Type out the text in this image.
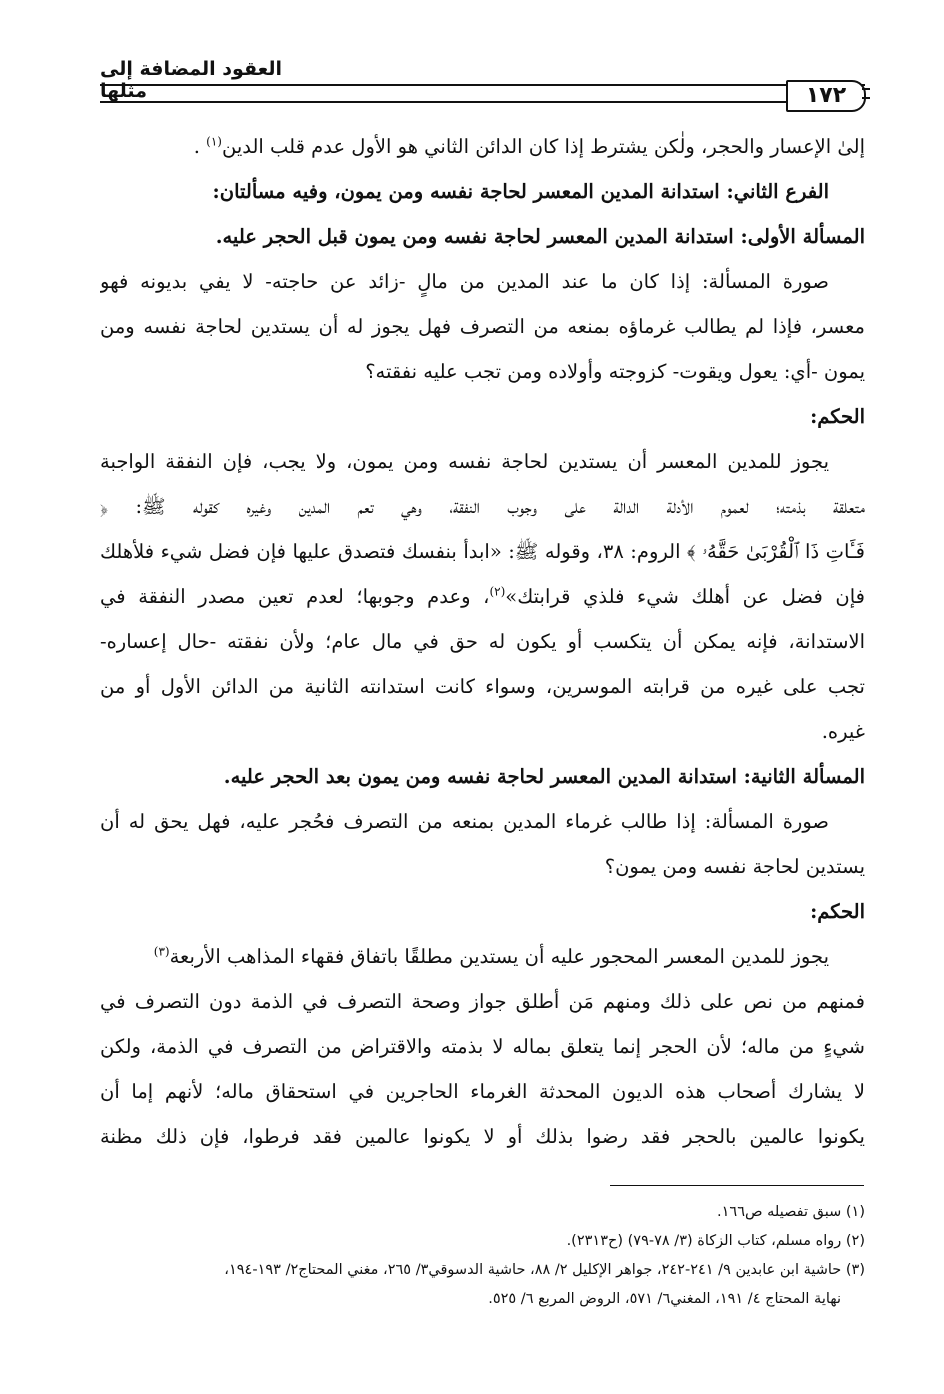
العقود المضافة إلى مثلها	١٧٢
إلىٰ الإعسار والحجر، ولٰكن يشترط إذا كان الدائن الثاني هو الأول عدم قلب الدين$^{(١)}$ .
الفرع الثاني: استدانة المدين المعسر لحاجة نفسه ومن يمون، وفيه مسألتان:
المسألة الأولى: استدانة المدين المعسر لحاجة نفسه ومن يمون قبل الحجر عليه.
صورة المسألة: إذا كان ما عند المدين من مالٍ -زائد عن حاجته- لا يفي بديونه فهو
معسر، فإذا لم يطالب غرماؤه بمنعه من التصرف فهل يجوز له أن يستدين لحاجة نفسه ومن
يمون -أي: يعول ويقوت- كزوجته وأولاده ومن تجب عليه نفقته؟
الحكم:
يجوز للمدين المعسر أن يستدين لحاجة نفسه ومن يمون، ولا يجب، فإن النفقة الواجبة
متعلقة بذمته؛ لعموم الأدلة الدالة على وجوب النفقة، وهي تعم المدين وغيره كقوله ﷺ: ﴿
فَـَٔاتِ ذَا ٱلْقُرْبَىٰ حَقَّهُۥ ﴾ الروم: ٣٨، وقوله ﷺ: «ابدأ بنفسك فتصدق عليها فإن فضل شيء فلأهلك
فإن فضل عن أهلك شيء فلذي قرابتك»$^{(٢)}$، وعدم وجوبها؛ لعدم تعين مصدر النفقة في
الاستدانة، فإنه يمكن أن يتكسب أو يكون له حق في مال عام؛ ولأن نفقته -حال إعساره-
تجب على غيره من قرابته الموسرين، وسواء كانت استدانته الثانية من الدائن الأول أو من
غيره.
المسألة الثانية: استدانة المدين المعسر لحاجة نفسه ومن يمون بعد الحجر عليه.
صورة المسألة: إذا طالب غرماء المدين بمنعه من التصرف فحُجر عليه، فهل يحق له أن
يستدين لحاجة نفسه ومن يمون؟
الحكم:
يجوز للمدين المعسر المحجور عليه أن يستدين مطلقًا باتفاق فقهاء المذاهب الأربعة$^{(٣)}$
فمنهم من نص على ذلك ومنهم مَن أطلق جواز وصحة التصرف في الذمة دون التصرف في
شيءٍ من ماله؛ لأن الحجر إنما يتعلق بماله لا بذمته والاقتراض من التصرف في الذمة، ولكن
لا يشارك أصحاب هذه الديون المحدثة الغرماء الحاجرين في استحقاق ماله؛ لأنهم إما أن
يكونوا عالمين بالحجر فقد رضوا بذلك أو لا يكونوا عالمين فقد فرطوا، فإن ذلك مظنة
(١) سبق تفصيله ص١٦٦.
(٢) رواه مسلم، كتاب الزكاة (٣/ ٧٨-٧٩) (ح٢٣١٣).
(٣) حاشية ابن عابدين ٩/ ٢٤١-٢٤٢، جواهر الإكليل ٢/ ٨٨، حاشية الدسوقي٣/ ٢٦٥، مغني المحتاج٢/ ١٩٣-١٩٤،
نهاية المحتاج ٤/ ١٩١، المغني٦/ ٥٧١، الروض المربع ٦/ ٥٢٥.
